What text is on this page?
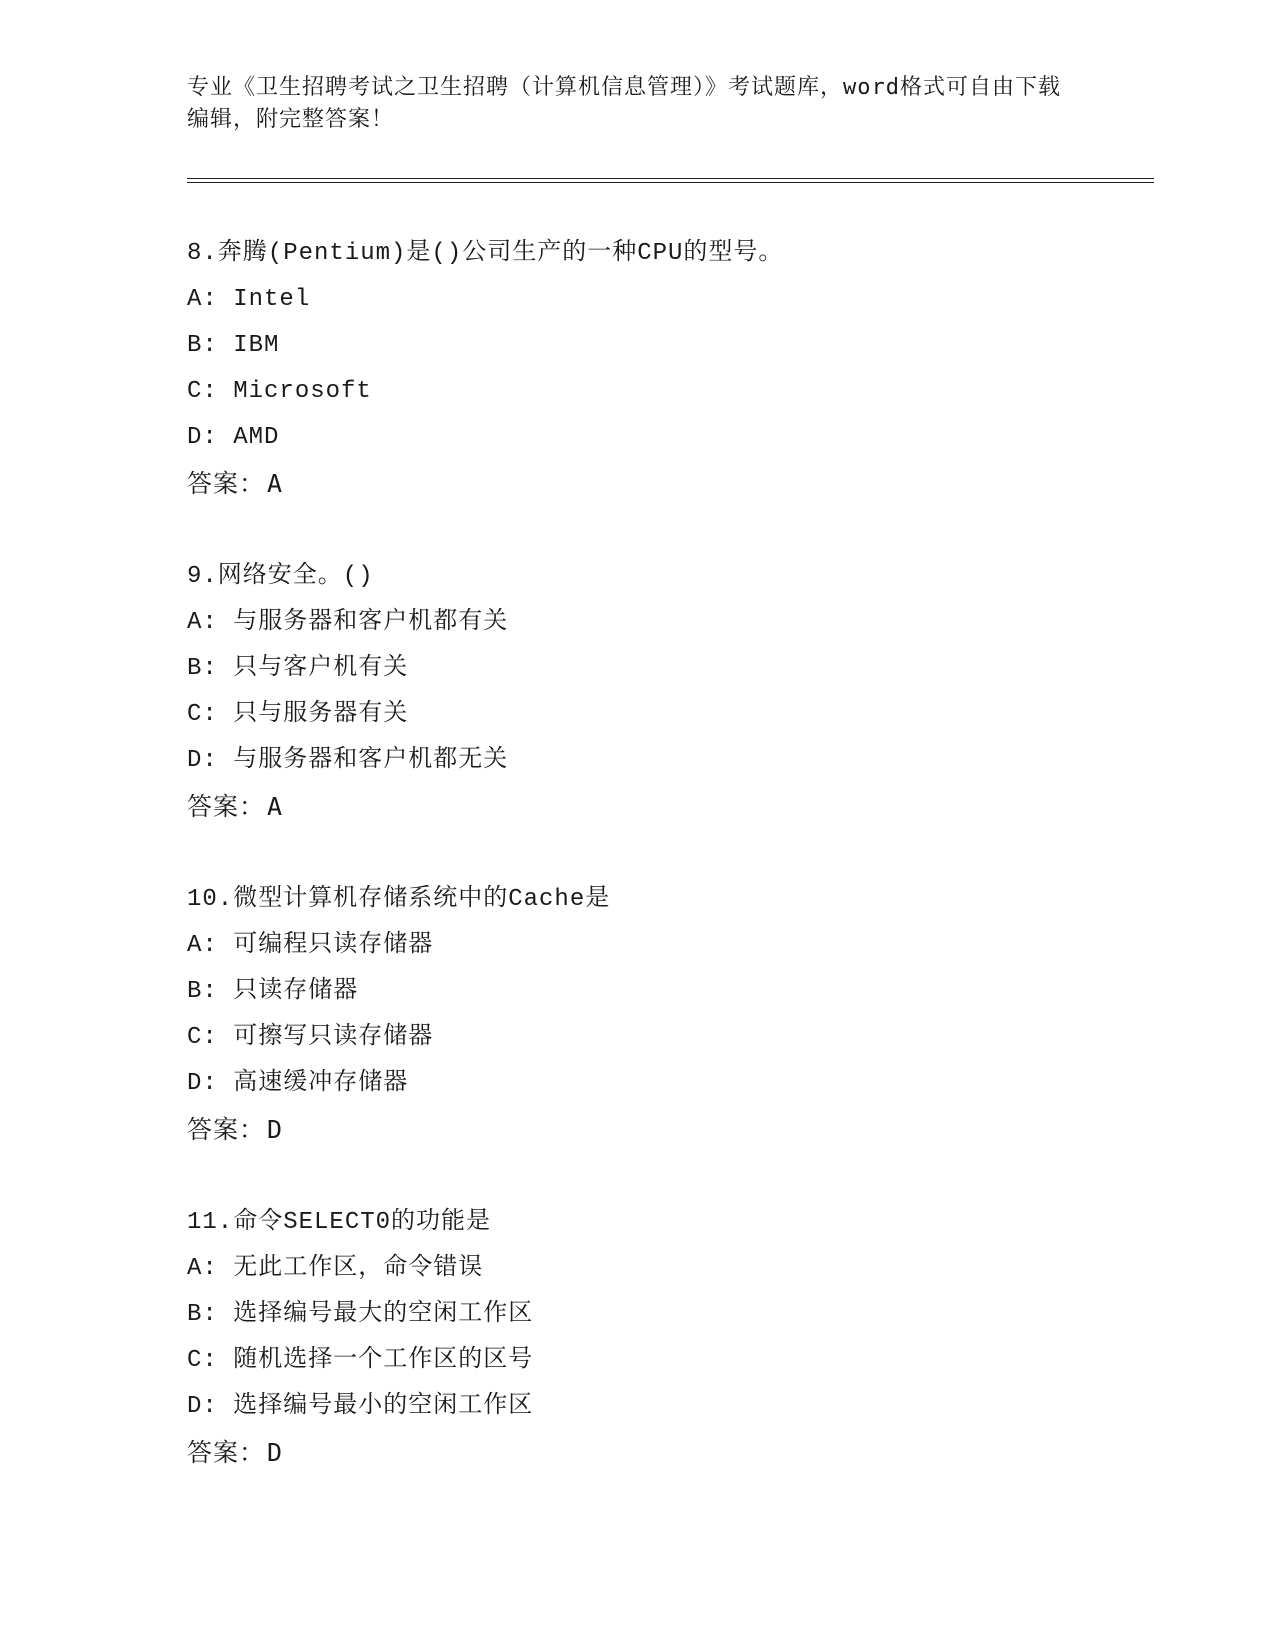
专业《卫生招聘考试之卫生招聘（计算机信息管理）》考试题库，word格式可自由下载编辑，附完整答案！

8.奔腾(Pentium)是()公司生产的一种CPU的型号。
A: Intel
B: IBM
C: Microsoft
D: AMD
答案：A
9.网络安全。()
A: 与服务器和客户机都有关
B: 只与客户机有关
C: 只与服务器有关
D: 与服务器和客户机都无关
答案：A
10.微型计算机存储系统中的Cache是
A: 可编程只读存储器
B: 只读存储器
C: 可擦写只读存储器
D: 高速缓冲存储器
答案：D
11.命令SELECT0的功能是
A: 无此工作区，命令错误
B: 选择编号最大的空闲工作区
C: 随机选择一个工作区的区号
D: 选择编号最小的空闲工作区
答案：D
